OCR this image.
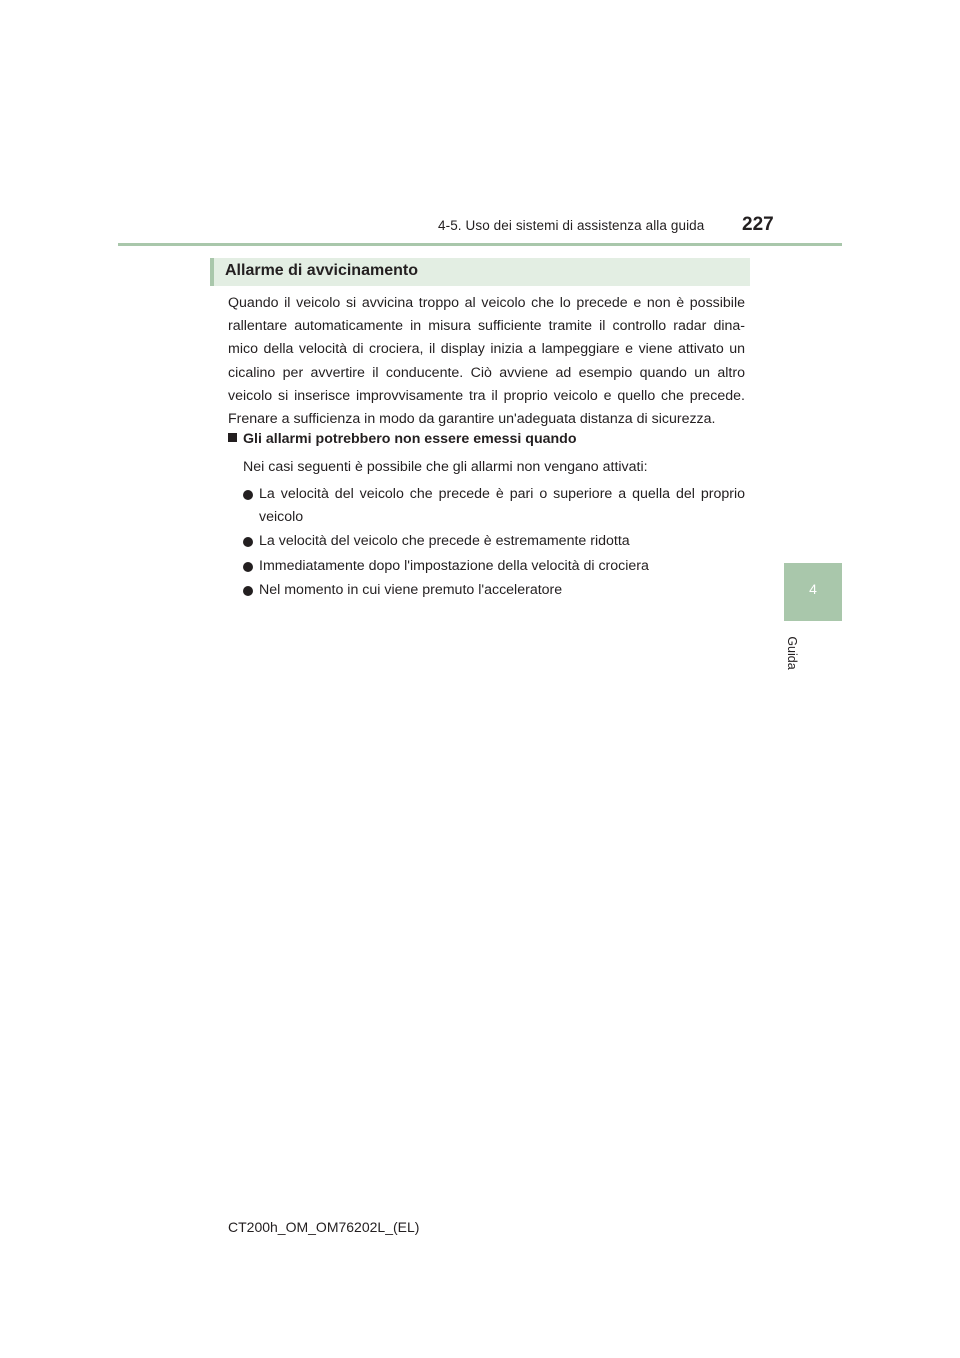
4-5. Uso dei sistemi di assistenza alla guida 227
4
Guida
Allarme di avvicinamento
Quando il veicolo si avvicina troppo al veicolo che lo precede e non è possibile rallentare automaticamente in misura sufficiente tramite il controllo radar dina-mico della velocità di crociera, il display inizia a lampeggiare e viene attivato un cicalino per avvertire il conducente. Ciò avviene ad esempio quando un altro veicolo si inserisce improvvisamente tra il proprio veicolo e quello che precede. Frenare a sufficienza in modo da garantire un'adeguata distanza di sicurezza.
Gli allarmi potrebbero non essere emessi quando
Nei casi seguenti è possibile che gli allarmi non vengano attivati:
La velocità del veicolo che precede è pari o superiore a quella del proprio veicolo
La velocità del veicolo che precede è estremamente ridotta
Immediatamente dopo l'impostazione della velocità di crociera
Nel momento in cui viene premuto l'acceleratore
CT200h_OM_OM76202L_(EL)
